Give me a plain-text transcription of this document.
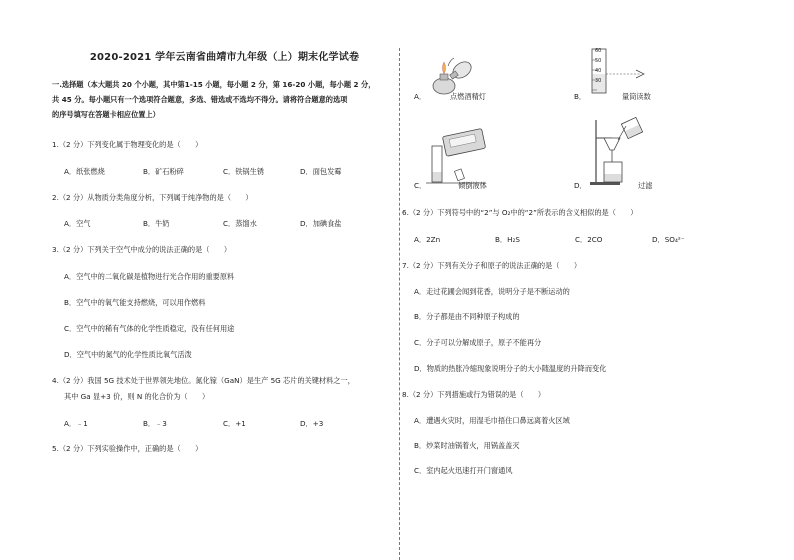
2020-2021 学年云南省曲靖市九年级（上）期末化学试卷
一.选择题（本大题共 20 个小题，其中第1-15 小题，每小题 2 分，第 16-20 小题，每小题 2 分，
共 45 分。每小题只有一个选项符合题意，多选、错选或不选均不得分。请将符合题意的选项
的序号填写在答题卡相应位置上）
1.（2 分）下列变化属于物理变化的是（　　）
A．纸张燃烧	B．矿石粉碎	C．铁锅生锈	D．面包发霉
2.（2 分）从物质分类角度分析，下列属于纯净物的是（　　）
A．空气	B．牛奶	C．蒸馏水	D．加碘食盐
3.（2 分）下列关于空气中成分的说法正确的是（　　）
A．空气中的二氧化碳是植物进行光合作用的重要原料
B．空气中的氧气能支持燃烧，可以用作燃料
C．空气中的稀有气体的化学性质稳定，没有任何用途
D．空气中的氮气的化学性质比氧气活泼
4.（2 分）我国 5G 技术处于世界领先地位。氮化镓（GaN）是生产 5G 芯片的关键材料之一，
其中 Ga 显+3 价，则 N 的化合价为（　　）
A．﹣1	B．﹣3	C．+1	D．+3
5.（2 分）下列实验操作中，正确的是（　　）
A．	点燃酒精灯
60
50
40
30
B．	量筒读数
C．	倾倒液体	D．	过滤
6.（2 分）下列符号中的“2”与 O₂中的“2”所表示的含义相似的是（　　）
A．2Zn	B．H₂S	C．2CO	D．SO₄²⁻
7.（2 分）下列有关分子和原子的说法正确的是（　　）
A．走过花圃会闻到花香，说明分子是不断运动的
B．分子都是由不同种原子构成的
C．分子可以分解成原子，原子不能再分
D．物质的热胀冷缩现象说明分子的大小随温度的升降而变化
8.（2 分）下列措施或行为错误的是（　　）
A．遭遇火灾时，用湿毛巾捂住口鼻远离着火区域
B．炒菜时油锅着火，用锅盖盖灭
C．室内起火迅速打开门窗通风
